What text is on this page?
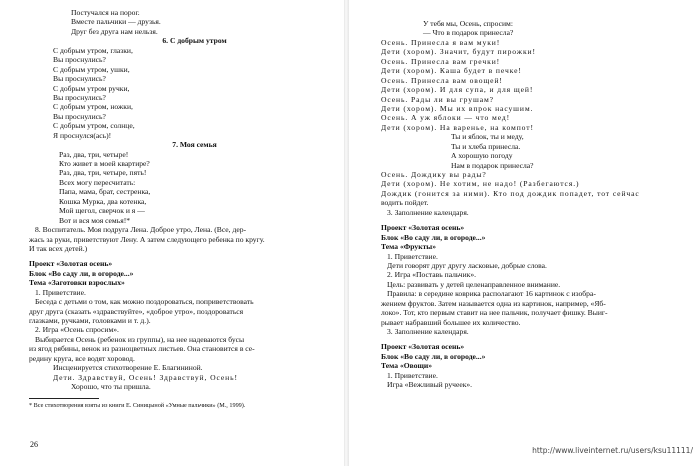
Постучался на порог.
Вместе пальчики — друзья.
Друг без друга нам нельзя.
6. С добрым утром
С добрым утром, глазки,
Вы проснулись?
С добрым утром, ушки,
Вы проснулись?
С добрым утром ручки,
Вы проснулись?
С добрым утром, ножки,
Вы проснулись?
С добрым утром, солнце,
Я проснулся(ась)!
7. Моя семья
Раз, два, три, четыре!
Кто живет в моей квартире?
Раз, два, три, четыре, пять!
Всех могу пересчитать:
Папа, мама, брат, сестренка,
Кошка Мурка, два котенка,
Мой щегол, сверчок и я —
Вот и вся моя семья!*
8. Воспитатель. Моя подруга Лена. Доброе утро, Лена. (Все, дер-
жась за руки, приветствуют Лену. А затем следующего ребенка по кругу.
И так всех детей.)
Проект «Золотая осень»
Блок «Во саду ли, в огороде...»
Тема «Заготовки взрослых»
1. Приветствие.
Беседа с детьми о том, как можно поздороваться, поприветствовать
друг друга (сказать «здравствуйте», «доброе утро», поздороваться
глазками, ручками, головками и т. д.).
2. Игра «Осень спросим».
Выбирается Осень (ребенок из группы), на нее надеваются бусы
из ягод рябины, венок из разноцветных листьев. Она становится в се-
редину круга, все водят хоровод.
Инсценируется стихотворение Е. Благининой.
Дети. Здравствуй, Осень! Здравствуй, Осень!
Хорошо, что ты пришла.
* Все стихотворения взяты из книги Е. Синицыной «Умные пальчики» (М., 1999).
26
У тебя мы, Осень, спросим:
— Что в подарок принесла?
Осень. Принесла я вам муки!
Дети (хором). Значит, будут пирожки!
Осень. Принесла вам гречки!
Дети (хором). Каша будет в печке!
Осень. Принесла вам овощей!
Дети (хором). И для супа, и для щей!
Осень. Рады ли вы грушам?
Дети (хором). Мы их впрок насушим.
Осень. А уж яблоки — что мед!
Дети (хором). На варенье, на компот!
Ты и яблок, ты и меду,
Ты и хлеба принесла.
А хорошую погоду
Нам в подарок принесла?
Осень. Дождику вы рады?
Дети (хором). Не хотим, не надо! (Разбегаются.)
Дождик (гонится за ними). Кто под дождик попадет, тот сейчас
водить пойдет.
3. Заполнение календаря.
Проект «Золотая осень»
Блок «Во саду ли, в огороде...»
Тема «Фрукты»
1. Приветствие.
Дети говорят друг другу ласковые, добрые слова.
2. Игра «Поставь пальчик».
Цель: развивать у детей целенаправленное внимание.
Правила: в середине коврика располагают 16 картинок с изобра-
жением фруктов. Затем называется одна из картинок, например, «Яб-
локо». Тот, кто первым ставит на нее пальчик, получает фишку. Выиг-
рывает набравший большее их количество.
3. Заполнение календаря.
Проект «Золотая осень»
Блок «Во саду ли, в огороде...»
Тема «Овощи»
1. Приветствие.
Игра «Вежливый ручеек».
http://www.liveinternet.ru/users/ksu11111/
